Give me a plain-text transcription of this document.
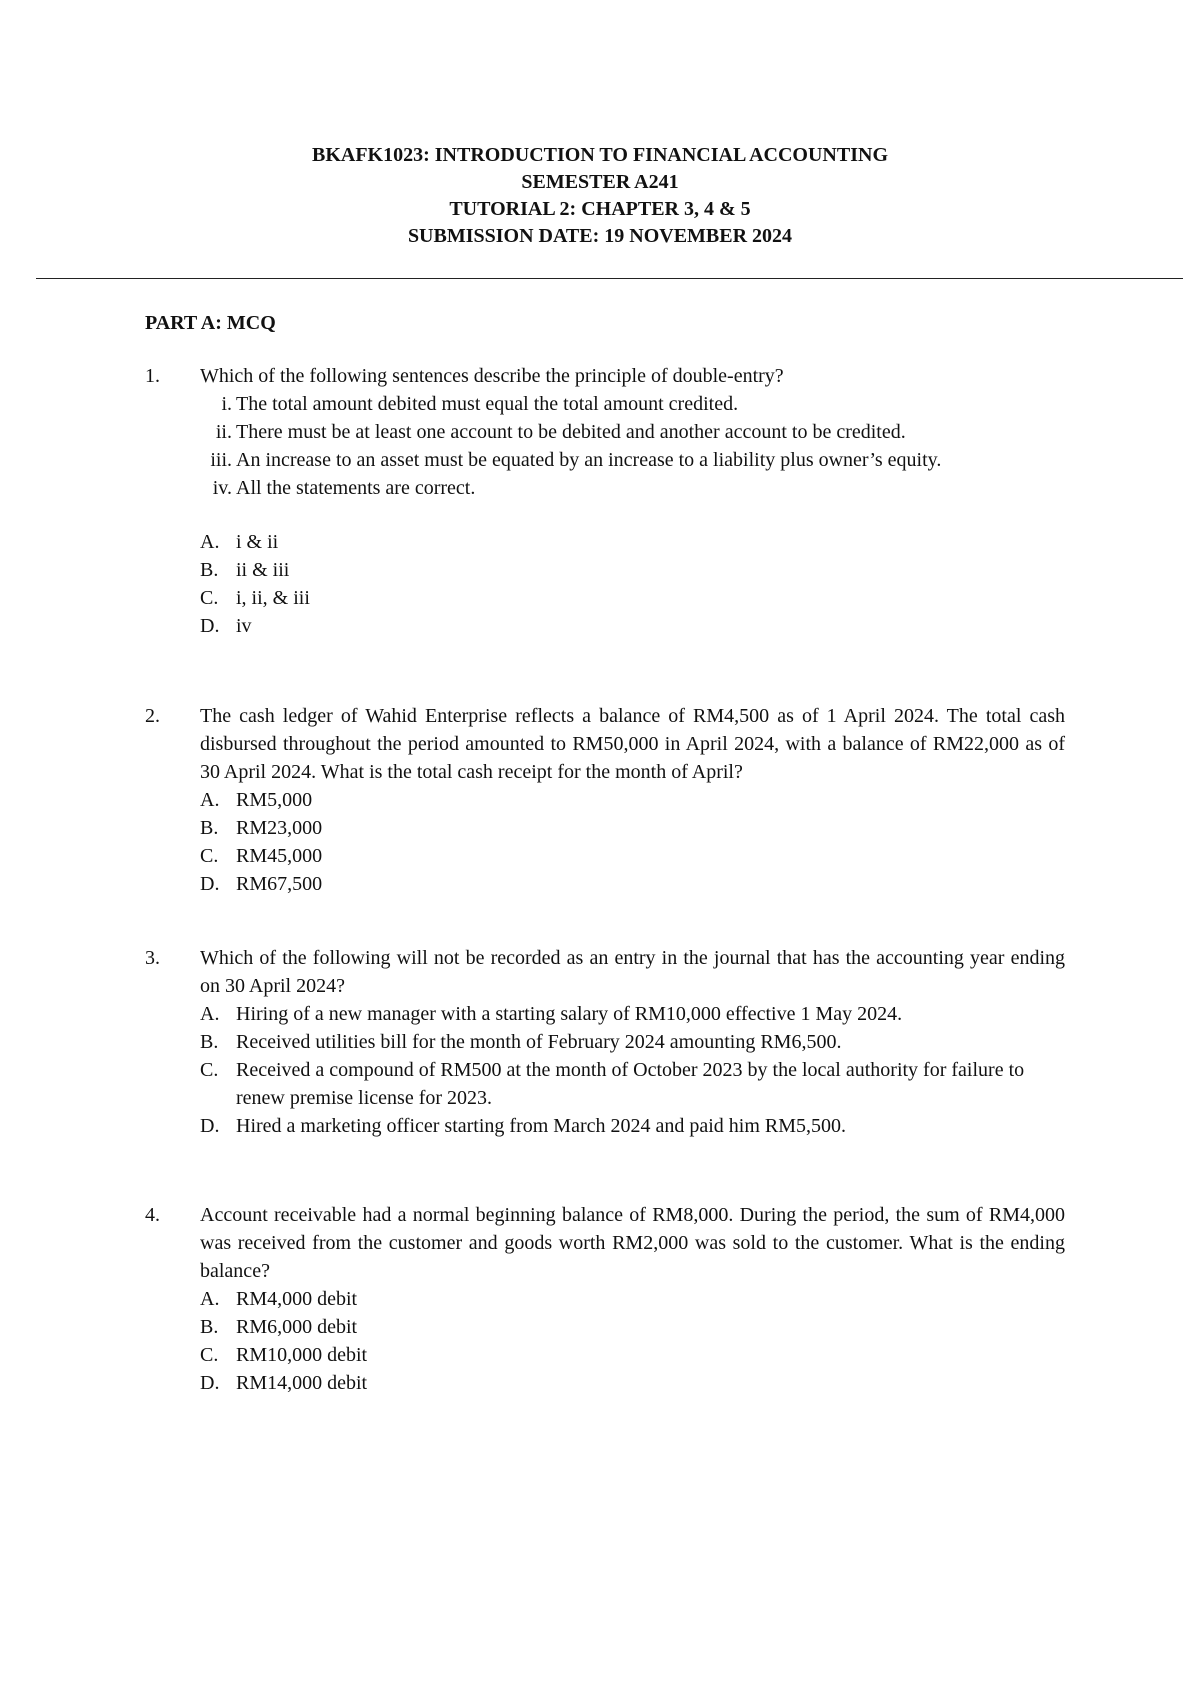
BKAFK1023: INTRODUCTION TO FINANCIAL ACCOUNTING
SEMESTER A241
TUTORIAL 2: CHAPTER 3, 4 & 5
SUBMISSION DATE: 19 NOVEMBER 2024
PART A: MCQ
1. Which of the following sentences describe the principle of double-entry?
i. The total amount debited must equal the total amount credited.
ii. There must be at least one account to be debited and another account to be credited.
iii. An increase to an asset must be equated by an increase to a liability plus owner’s equity.
iv. All the statements are correct.
A. i & ii
B. ii & iii
C. i, ii, & iii
D. iv
2. The cash ledger of Wahid Enterprise reflects a balance of RM4,500 as of 1 April 2024. The total cash disbursed throughout the period amounted to RM50,000 in April 2024, with a balance of RM22,000 as of 30 April 2024. What is the total cash receipt for the month of April?
A. RM5,000
B. RM23,000
C. RM45,000
D. RM67,500
3. Which of the following will not be recorded as an entry in the journal that has the accounting year ending on 30 April 2024?
A. Hiring of a new manager with a starting salary of RM10,000 effective 1 May 2024.
B. Received utilities bill for the month of February 2024 amounting RM6,500.
C. Received a compound of RM500 at the month of October 2023 by the local authority for failure to renew premise license for 2023.
D. Hired a marketing officer starting from March 2024 and paid him RM5,500.
4. Account receivable had a normal beginning balance of RM8,000. During the period, the sum of RM4,000 was received from the customer and goods worth RM2,000 was sold to the customer. What is the ending balance?
A. RM4,000 debit
B. RM6,000 debit
C. RM10,000 debit
D. RM14,000 debit
